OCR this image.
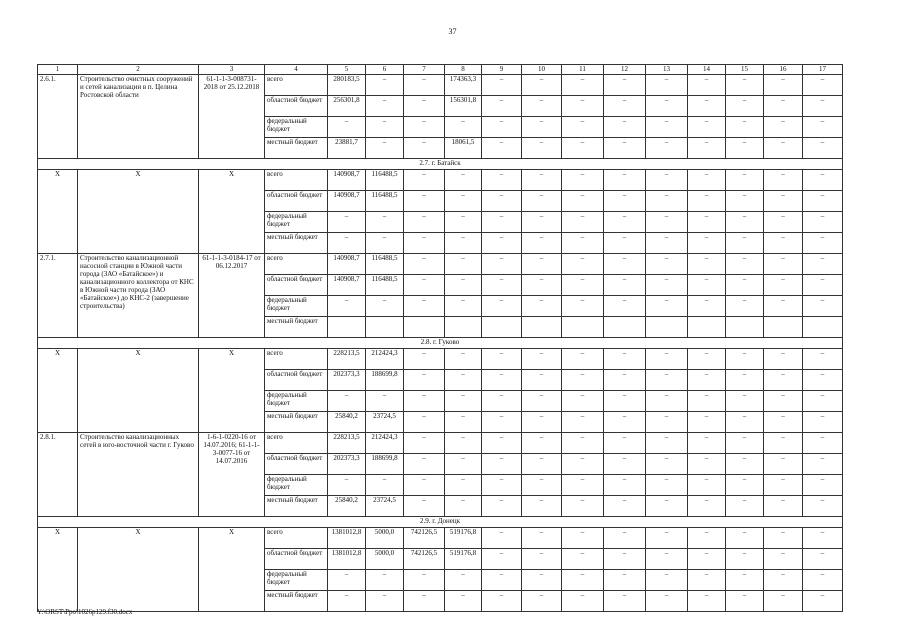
37
1	2	3	4	5	6	7	8	9	10	11	12	13	14	15	16	17
2.6.1.	Строительство очистных сооружений и сетей канализации в п. Целина Ростовской области	61-1-1-3-008731-2018 от 25.12.2018	всего	280183,5	–	–	174363,3	–	–	–	–	–	–	–	–	–
			областной бюджет	256301,8	–	–	156301,8	–	–	–	–	–	–	–	–	–
			федеральный бюджет	–	–	–	–	–	–	–	–	–	–	–	–	–
			местный бюджет	23881,7	–	–	18061,5	–	–	–	–	–	–	–	–	–
2.7. г. Батайск																
Х	Х	Х	всего	140908,7	116488,5	–	–	–	–	–	–	–	–	–	–	–
			областной бюджет	140908,7	116488,5	–	–	–	–	–	–	–	–	–	–	–
			федеральный бюджет	–	–	–	–	–	–	–	–	–	–	–	–	–
			местный бюджет	–	–	–	–	–	–	–	–	–	–	–	–	–
2.7.1.	Строительство канализационной насосной станции в Южной части города (ЗАО «Батайское») и канализационного коллектора от КНС в Южной части города (ЗАО «Батайское») до КНС-2 (завершение строительства)	61-1-1-3-0184-17 от 06.12.2017	всего	140908,7	116488,5	–	–	–	–	–	–	–	–	–	–	–
			областной бюджет	140908,7	116488,5	–	–	–	–	–	–	–	–	–	–	–
			федеральный бюджет	–	–	–	–	–	–	–	–	–	–	–	–	–
			местный бюджет													
2.8. г. Гуково																
Х	Х	Х	всего	228213,5	212424,3	–	–	–	–	–	–	–	–	–	–	–
			областной бюджет	202373,3	188699,8	–	–	–	–	–	–	–	–	–	–	–
			федеральный бюджет	–	–	–	–	–	–	–	–	–	–	–	–	–
			местный бюджет	25840,2	23724,5	–	–	–	–	–	–	–	–	–	–	–
2.8.1.	Строительство канализационных сетей в юго-восточной части г. Гуково	1-6-1-0220-16 от 14.07.2016; 61-1-1-3-0077-16 от 14.07.2016	всего	228213,5	212424,3	–	–	–	–	–	–	–	–	–	–	–
			областной бюджет	202373,3	188699,8	–	–	–	–	–	–	–	–	–	–	–
			федеральный бюджет	–	–	–	–	–	–	–	–	–	–	–	–	–
			местный бюджет	25840,2	23724,5	–	–	–	–	–	–	–	–	–	–	–
2.9. г. Донецк																
Х	Х	Х	всего	1381012,8	5000,0	742126,5	519176,8	–	–	–	–	–	–	–	–	–
			областной бюджет	1381012,8	5000,0	742126,5	519176,8	–	–	–	–	–	–	–	–	–
			федеральный бюджет	–	–	–	–	–	–	–	–	–	–	–	–	–
			местный бюджет	–	–	–	–	–	–	–	–	–	–	–	–	–
Y:\ORST\Ppo\1026p129.f30.docx
